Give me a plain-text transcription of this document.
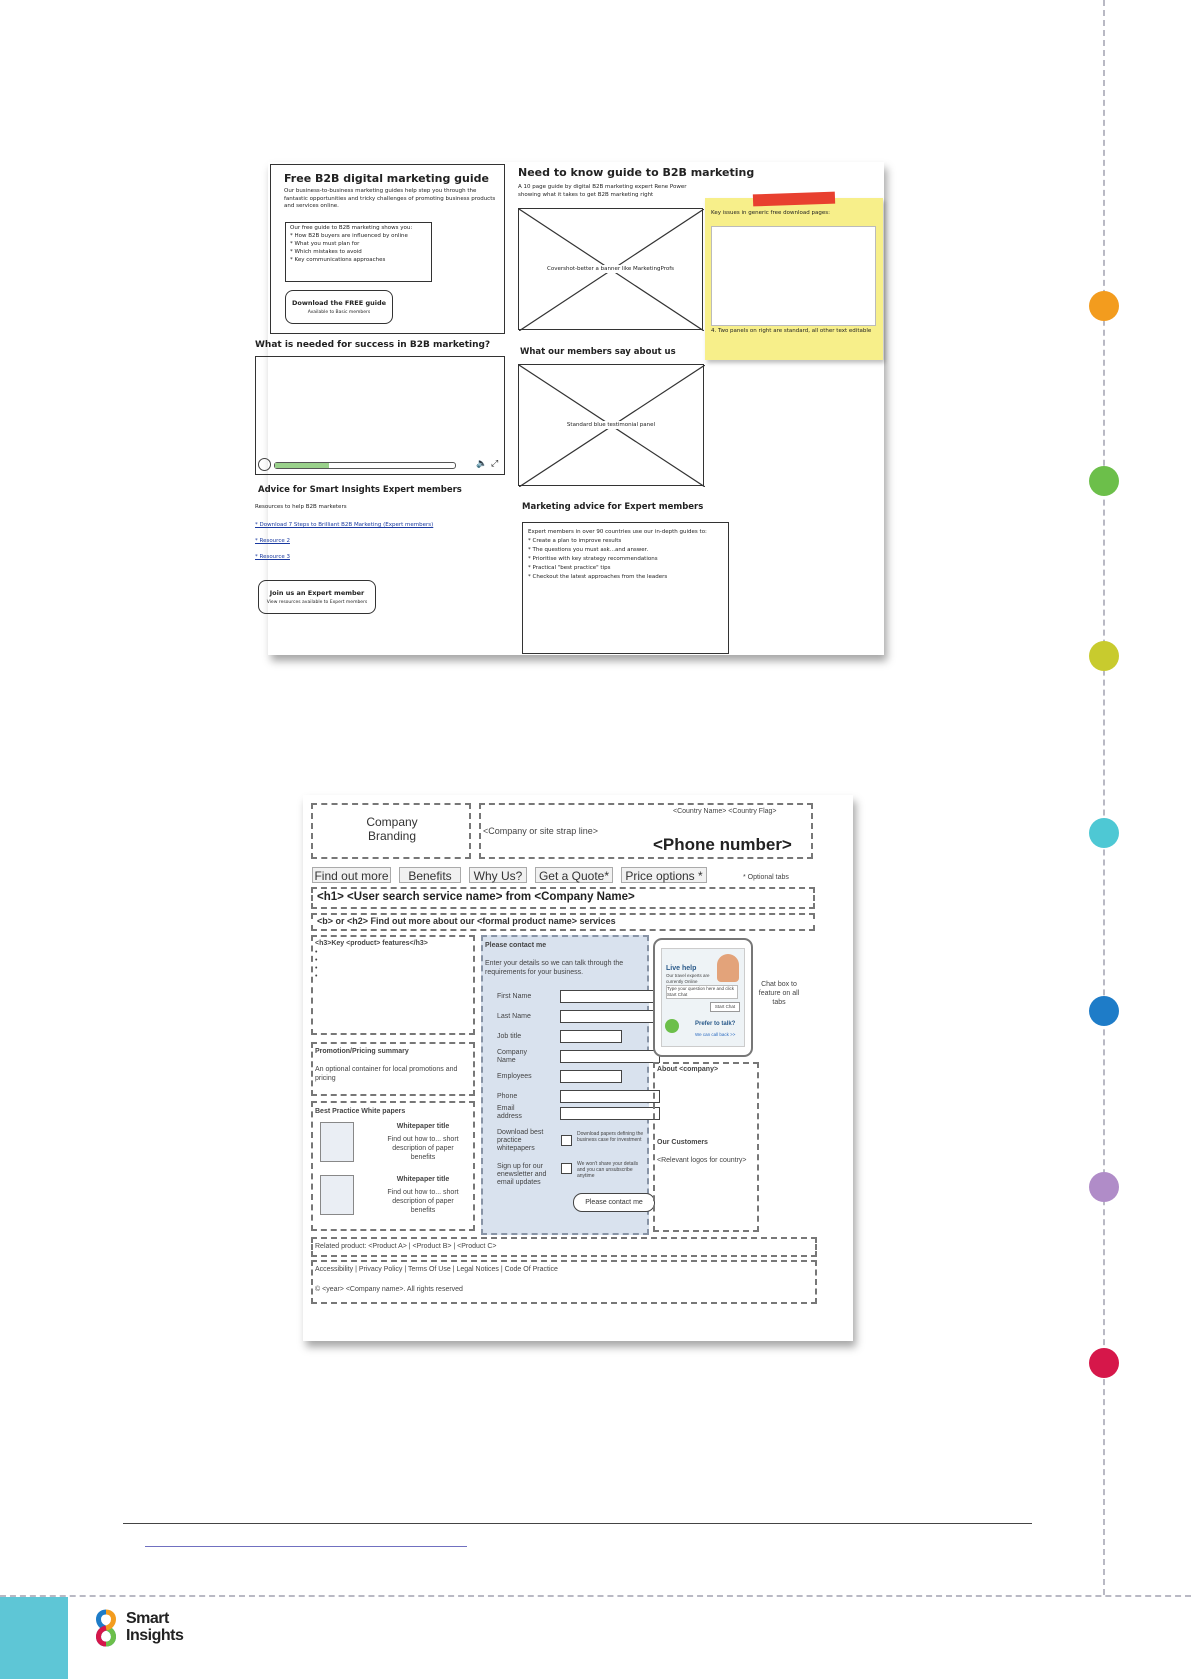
Free B2B digital marketing guide
Our business-to-business marketing guides help step you through the fantastic opportunities and tricky challenges of promoting business products and services online.
Our free guide to B2B marketing shows you:
* How B2B buyers are influenced by online
* What you must plan for
* Which mistakes to avoid
* Key communications approaches
Download the FREE guide
Available to Basic members
Need to know guide to B2B marketing
A 10 page guide by digital B2B marketing expert Rene Power showing what it takes to get B2B marketing right
Covershot-better a banner like MarketingProfs
Key issues in generic free download pages:
4. Two panels on right are standard, all other text editable
What is needed for success in B2B marketing?
🔈 ⤢
Advice for Smart Insights Expert members
Resources to help B2B marketers
* Download 7 Steps to Brilliant B2B Marketing (Expert members)
* Resource 2
* Resource 3
Join us an Expert member
View resources available to Expert members
What our members say about us
Standard blue testimonial panel
Marketing advice for Expert members
Expert members in over 90 countries use our in-depth guides to:
* Create a plan to improve results
* The questions you must ask...and answer.
* Prioritise with key strategy recommendations
* Practical "best practice" tips
* Checkout the latest approaches from the leaders
Company Branding
<Country Name> <Country Flag>
<Company or site strap line>
<Phone number>
Find out more	Benefits	Why Us?	Get a Quote*	Price options *	* Optional tabs
<h1> <User search service name> from <Company Name>
<b> or <h2> Find out more about our <formal product name> services
<h3>Key <product> features</h3>
•
•
•
•
Promotion/Pricing summary
An optional container for local promotions and pricing
Best Practice White papers
Whitepaper title
Find out how to... short description of paper benefits
Whitepaper title
Find out how to... short description of paper benefits
Please contact me
Enter your details so we can talk through the requirements for your business.
First Name
Last Name
Job title
Company Name
Employees
Phone
Email address
Download best practice whitepapers
Download papers defining the business case for investment
Sign up for our enewsletter and email updates
We won't share your details and you can unsubscribe anytime
Please contact me
Live help
Our travel experts are currently Online
Type your question here and click Start Chat
Start Chat
Prefer to talk?
We can call back >>
Chat box to feature on all tabs
About <company>
Our Customers
<Relevant logos for country>
Related product: <Product A> | <Product B> | <Product C>
Accessibility | Privacy Policy | Terms Of Use | Legal Notices | Code Of Practice
© <year> <Company name>. All rights reserved
Smart
Insights
